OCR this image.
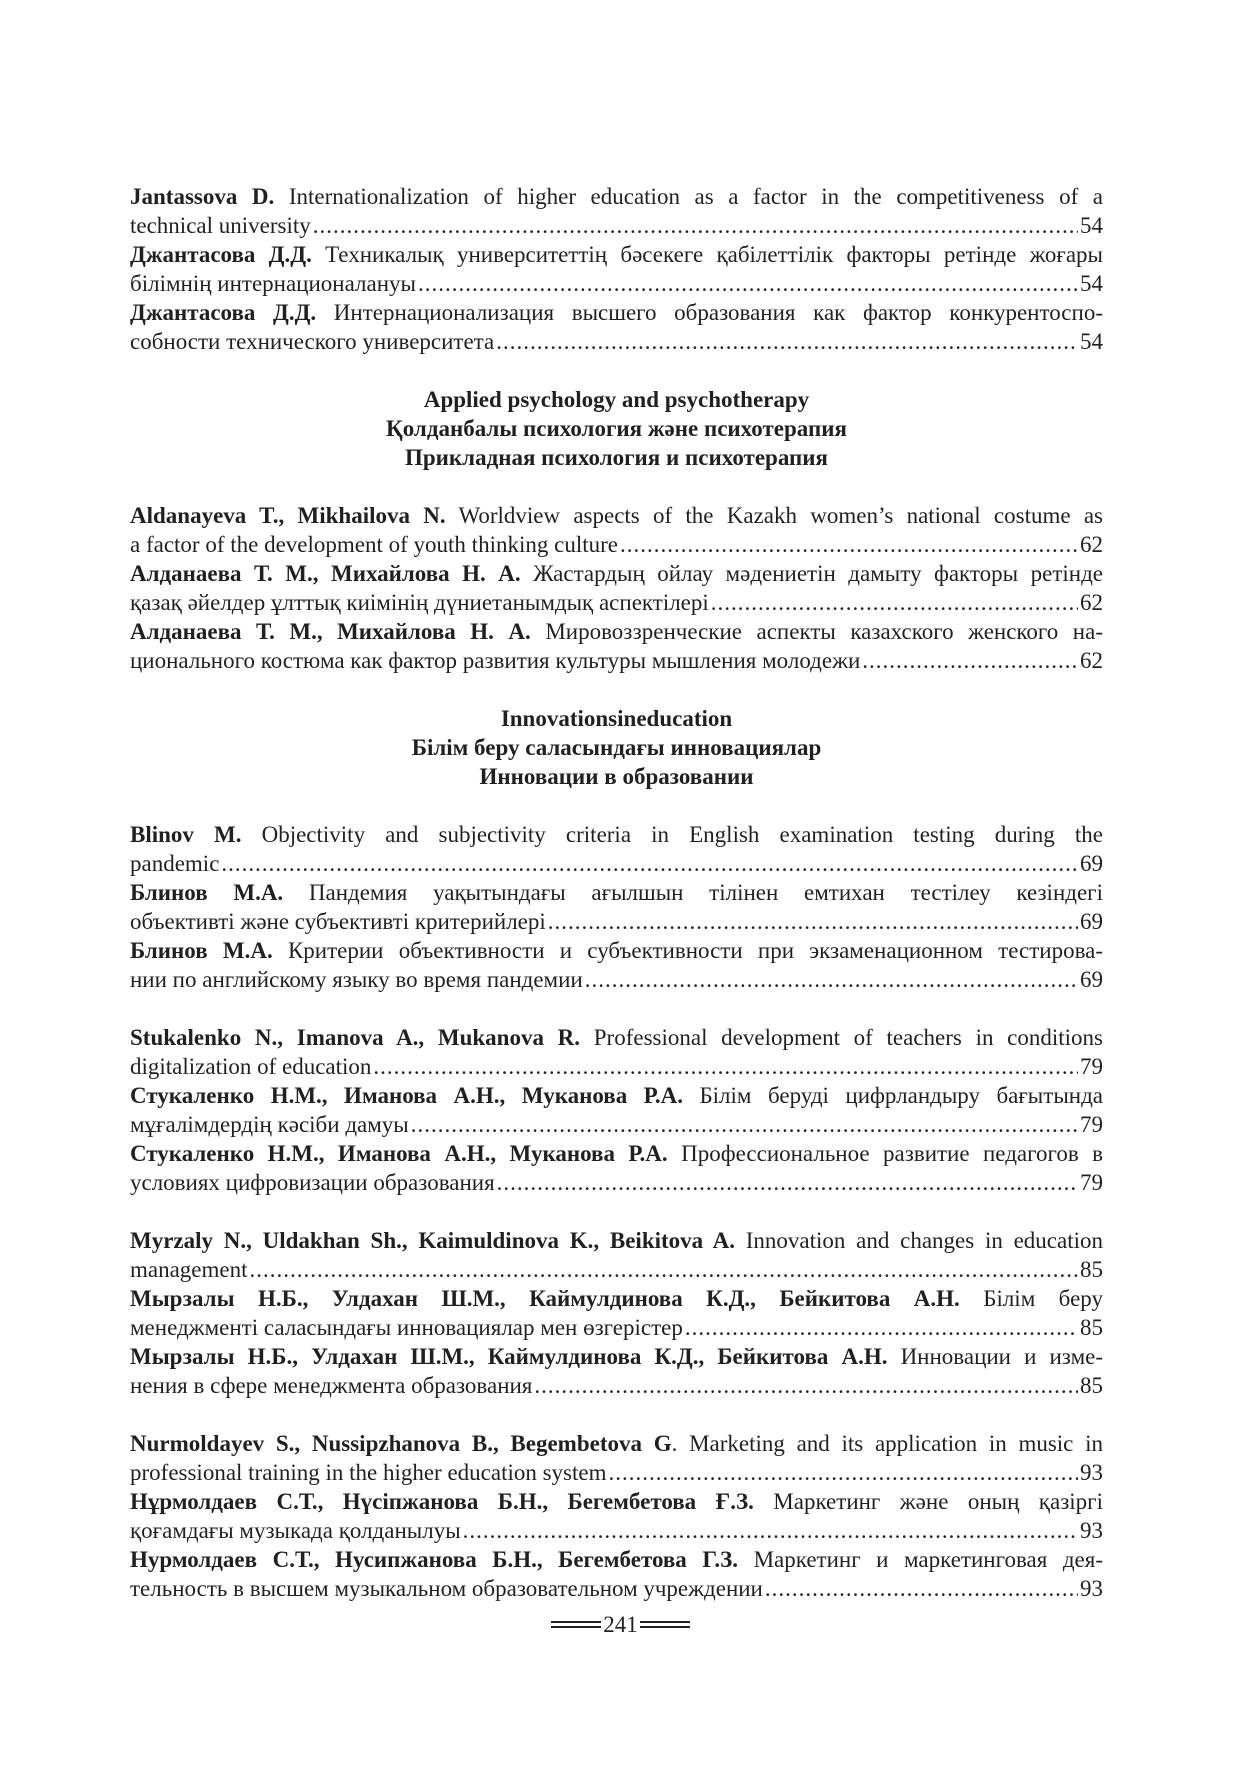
Jantassova D. Internationalization of higher education as a factor in the competitiveness of a
technical university .....	54
Джантасова Д.Д. Техникалық университеттің бәсекеге қабілеттілік факторы ретінде жоғары
білімнің интернационалануы .....	54
Джантасова Д.Д. Интернационализация высшего образования как фактор конкурентоспо-
собности технического университета .....	54

Applied psychology and psychotherapy

Қолданбалы психология және психотерапия

Прикладная психология и психотерапия

Aldanayeva T., Mikhailova N. Worldview aspects of the Kazakh women’s national costume as
a factor of the development of youth thinking culture .....	62
Алданаева Т. М., Михайлова Н. А. Жастардың ойлау мәдениетін дамыту факторы ретінде
қазақ әйелдер ұлттық киімінің дүниетанымдық аспектілері .....	62
Алданаева Т. М., Михайлова Н. А. Мировоззренческие аспекты казахского женского на-
ционального костюма как фактор развития культуры мышления молодежи .....	62

Innovationsineducation

Білім беру саласындағы инновациялар

Инновации в образовании

Blinov M. Objectivity and subjectivity criteria in English examination testing during the
pandemic .....	69
Блинов М.А. Пандемия уақытындағы ағылшын тілінен емтихан тестілеу кезіндегі
объективті және субъективті критерийлері .....	69
Блинов М.А. Критерии объективности и субъективности при экзаменационном тестирова-
нии по английскому языку во время пандемии .....	69
Stukalenko N., Imanova A., Mukanova R. Professional development of teachers in conditions
digitalization of education .....	79
Стукаленко Н.М., Иманова А.Н., Муканова Р.А. Білім беруді цифрландыру бағытында
мұғалімдердің кәсіби дамуы .....	79
Стукаленко Н.М., Иманова А.Н., Муканова Р.А. Профессиональное развитие педагогов в
условиях цифровизации образования .....	79
Myrzaly N., Uldakhan Sh., Kaimuldinova K., Beikitova A. Innovation and changes in education
management .....	85
Мырзалы Н.Б., Улдахан Ш.М., Каймулдинова К.Д., Бейкитова А.Н. Білім беру
менеджменті саласындағы инновациялар мен өзгерістер .....	85
Мырзалы Н.Б., Улдахан Ш.М., Каймулдинова К.Д., Бейкитова А.Н. Инновации и изме-
нения в сфере менеджмента образования .....	85
Nurmoldayev S., Nussipzhanova B., Begembetova G. Marketing and its application in music in
professional training in the higher education system .....	93
Нұрмолдаев С.Т., Нүсіпжанова Б.Н., Бегембетова Ғ.З. Маркетинг және оның қазіргі
қоғамдағы музыкада қолданылуы .....	93
Нурмолдаев С.Т., Нусипжанова Б.Н., Бегембетова Г.З. Маркетинг и маркетинговая дея-
тельность в высшем музыкальном образовательном учреждении .....	93
241
